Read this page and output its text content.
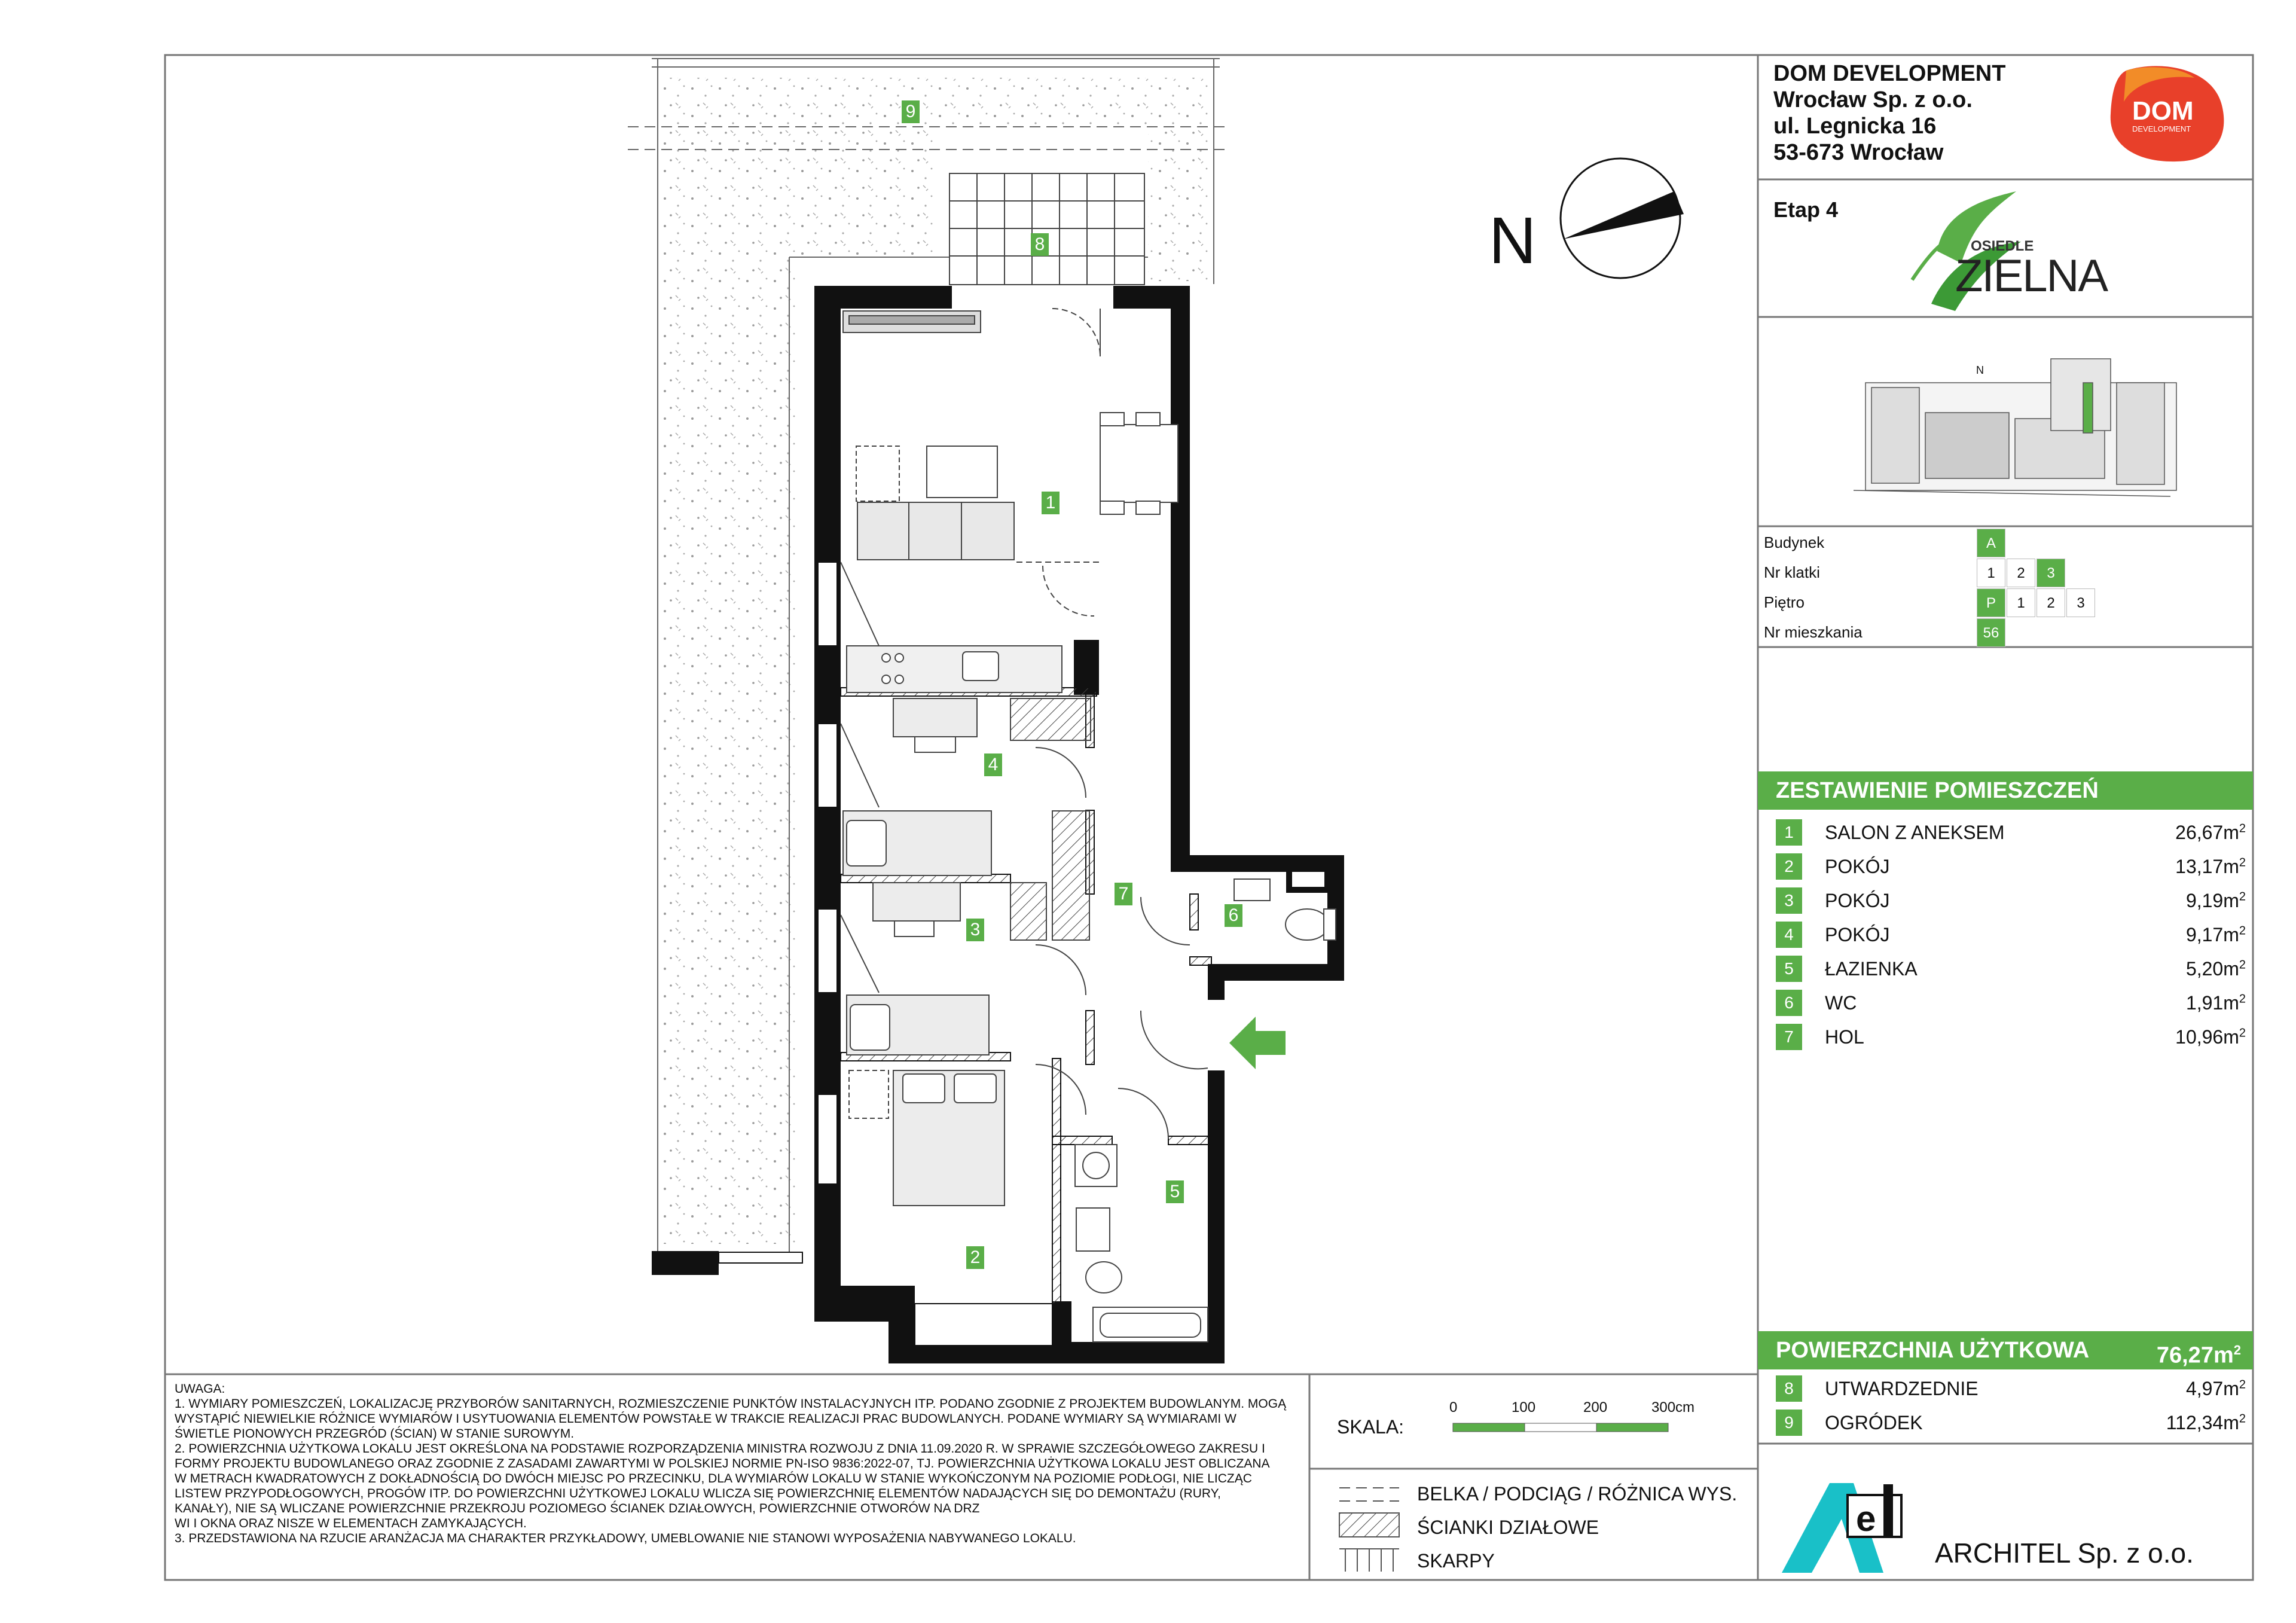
N
DOM
DEVELOPMENT
N
e
9
8
1
4
7
6
3
5
2
DOM DEVELOPMENT
Wrocław Sp. z o.o.
ul. Legnicka 16
53-673 Wrocław
Etap 4
OSIEDLE
ZIELNA
Budynek	A
Nr klatki	1	2	3
Piętro	P	1	2	3
Nr mieszkania	56
ZESTAWIENIE POMIESZCZEŃ
1	SALON Z ANEKSEM	$26,67m^2$
2	POKÓJ	$13,17m^2$
3	POKÓJ	$9,19m^2$
4	POKÓJ	$9,17m^2$
5	ŁAZIENKA	$5,20m^2$
6	WC	$1,91m^2$
7	HOL	$10,96m^2$
POWIERZCHNIA UŻYTKOWA	$76,27m^2$
8	UTWARDZEDNIE	$4,97m^2$
9	OGRÓDEK	$112,34m^2$
UWAGA:
1. WYMIARY POMIESZCZEŃ, LOKALIZACJĘ PRZYBORÓW SANITARNYCH, ROZMIESZCZENIE PUNKTÓW INSTALACYJNYCH ITP. PODANO ZGODNIE Z PROJEKTEM BUDOWLANYM. MOGĄ
WYSTĄPIĆ NIEWIELKIE RÓŻNICE WYMIARÓW I USYTUOWANIA ELEMENTÓW POWSTAŁE W TRAKCIE REALIZACJI PRAC BUDOWLANYCH. PODANE WYMIARY SĄ WYMIARAMI W
ŚWIETLE PIONOWYCH PRZEGRÓD (ŚCIAN) W STANIE SUROWYM.
2. POWIERZCHNIA UŻYTKOWA LOKALU JEST OKREŚLONA NA PODSTAWIE ROZPORZĄDZENIA MINISTRA ROZWOJU Z DNIA 11.09.2020 R. W SPRAWIE SZCZEGÓŁOWEGO ZAKRESU I
FORMY PROJEKTU BUDOWLANEGO ORAZ ZGODNIE Z ZASADAMI ZAWARTYMI W POLSKIEJ NORMIE PN-ISO 9836:2022-07, TJ. POWIERZCHNIA UŻYTKOWA LOKALU JEST OBLICZANA
W METRACH KWADRATOWYCH Z DOKŁADNOŚCIĄ DO DWÓCH MIEJSC PO PRZECINKU, DLA WYMIARÓW LOKALU W STANIE WYKOŃCZONYM NA POZIOMIE PODŁOGI, NIE LICZĄC
LISTEW PRZYPODŁOGOWYCH, PROGÓW ITP. DO POWIERZCHNI UŻYTKOWEJ LOKALU WLICZA SIĘ POWIERZCHNIĘ ELEMENTÓW NADAJĄCYCH SIĘ DO DEMONTAŻU (RURY,
KANAŁY), NIE SĄ WLICZANE POWIERZCHNIE PRZEKROJU POZIOMEGO ŚCIANEK DZIAŁOWYCH, POWIERZCHNIE OTWORÓW NA DRZ
WI I OKNA ORAZ NISZE W ELEMENTACH ZAMYKAJĄCYCH.
3. PRZEDSTAWIONA NA RZUCIE ARANŻACJA MA CHARAKTER PRZYKŁADOWY, UMEBLOWANIE NIE STANOWI WYPOSAŻENIA NABYWANEGO LOKALU.
SKALA:
0	100	200	300cm
BELKA / PODCIĄG / RÓŻNICA WYS.
ŚCIANKI DZIAŁOWE
SKARPY	ARCHITEL Sp. z o.o.
